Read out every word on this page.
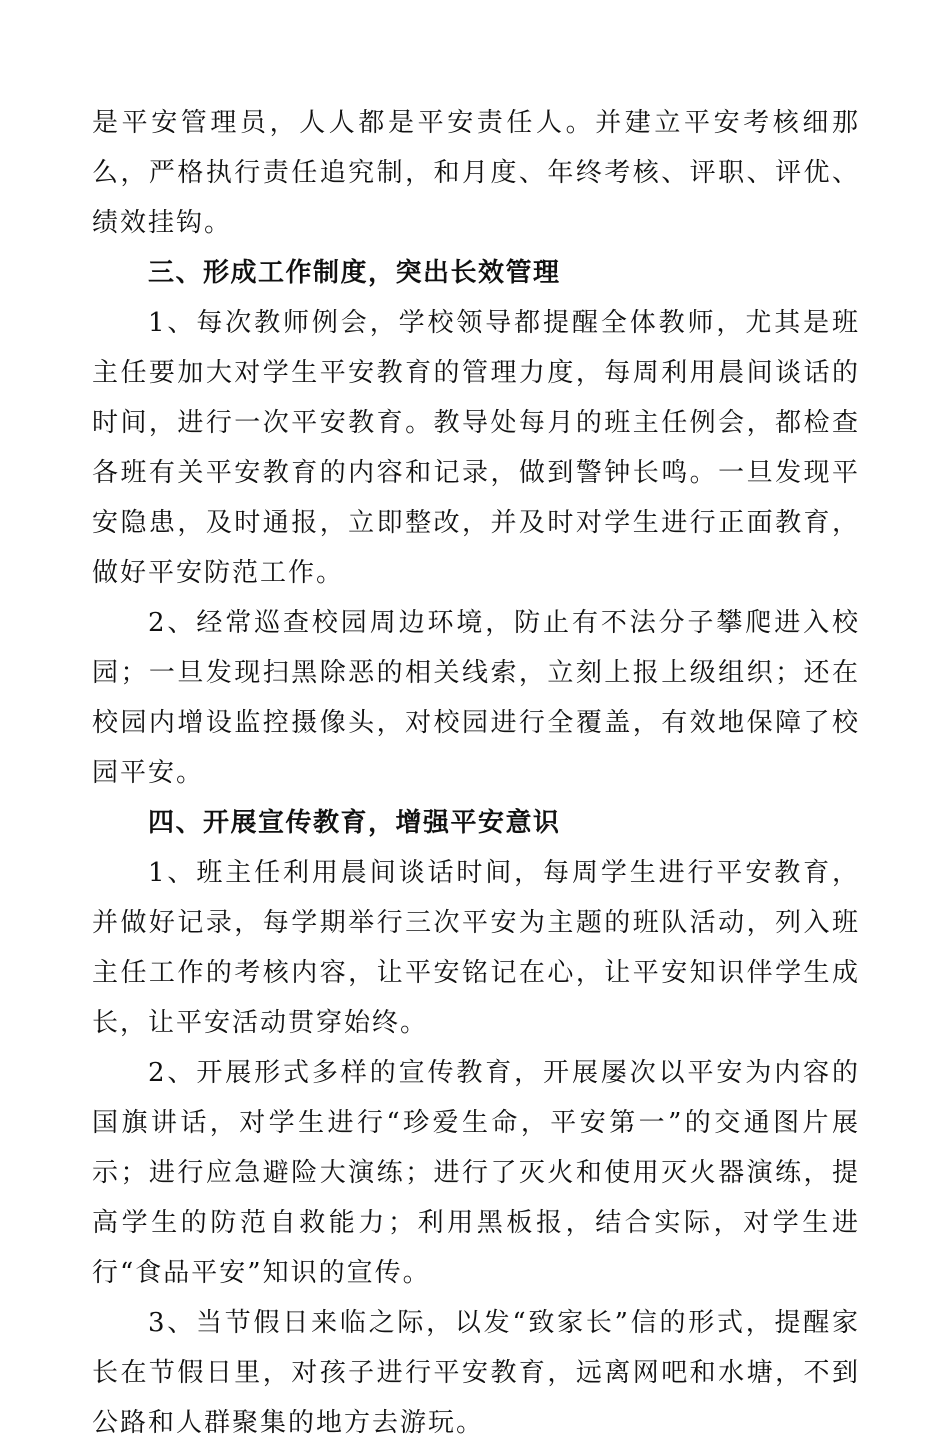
是平安管理员，人人都是平安责任人。并建立平安考核细那么，严格执行责任追究制，和月度、年终考核、评职、评优、绩效挂钩。

三、形成工作制度，突出长效管理

1、每次教师例会，学校领导都提醒全体教师，尤其是班主任要加大对学生平安教育的管理力度，每周利用晨间谈话的时间，进行一次平安教育。教导处每月的班主任例会，都检查各班有关平安教育的内容和记录，做到警钟长鸣。一旦发现平安隐患，及时通报，立即整改，并及时对学生进行正面教育，做好平安防范工作。

2、经常巡查校园周边环境，防止有不法分子攀爬进入校园；一旦发现扫黑除恶的相关线索，立刻上报上级组织；还在校园内增设监控摄像头，对校园进行全覆盖，有效地保障了校园平安。

四、开展宣传教育，增强平安意识

1、班主任利用晨间谈话时间，每周学生进行平安教育，并做好记录，每学期举行三次平安为主题的班队活动，列入班主任工作的考核内容，让平安铭记在心，让平安知识伴学生成长，让平安活动贯穿始终。

2、开展形式多样的宣传教育，开展屡次以平安为内容的国旗讲话，对学生进行“珍爱生命，平安第一”的交通图片展示；进行应急避险大演练；进行了灭火和使用灭火器演练，提高学生的防范自救能力；利用黑板报，结合实际，对学生进行“食品平安”知识的宣传。

3、当节假日来临之际，以发“致家长”信的形式，提醒家长在节假日里，对孩子进行平安教育，远离网吧和水塘，不到公路和人群聚集的地方去游玩。
